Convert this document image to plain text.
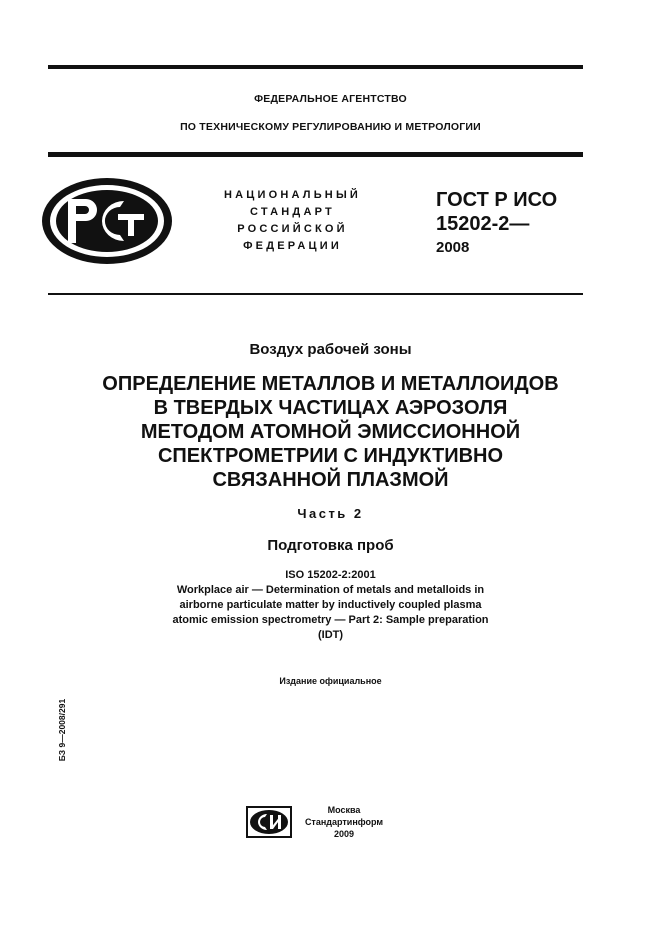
ФЕДЕРАЛЬНОЕ АГЕНТСТВО
ПО ТЕХНИЧЕСКОМУ РЕГУЛИРОВАНИЮ И МЕТРОЛОГИИ
НАЦИОНАЛЬНЫЙ
СТАНДАРТ
РОССИЙСКОЙ
ФЕДЕРАЦИИ
ГОСТ Р ИСО
15202-2—
2008
Воздух рабочей зоны
ОПРЕДЕЛЕНИЕ МЕТАЛЛОВ И МЕТАЛЛОИДОВ
В ТВЕРДЫХ ЧАСТИЦАХ АЭРОЗОЛЯ
МЕТОДОМ АТОМНОЙ ЭМИССИОННОЙ
СПЕКТРОМЕТРИИ С ИНДУКТИВНО
СВЯЗАННОЙ ПЛАЗМОЙ
Часть 2
Подготовка проб
ISO 15202-2:2001
Workplace air — Determination of metals and metalloids in
airborne particulate matter by inductively coupled plasma
atomic emission spectrometry — Part 2: Sample preparation
(IDT)
Издание официальное
БЗ 9—2008/291
Москва
Стандартинформ
2009
